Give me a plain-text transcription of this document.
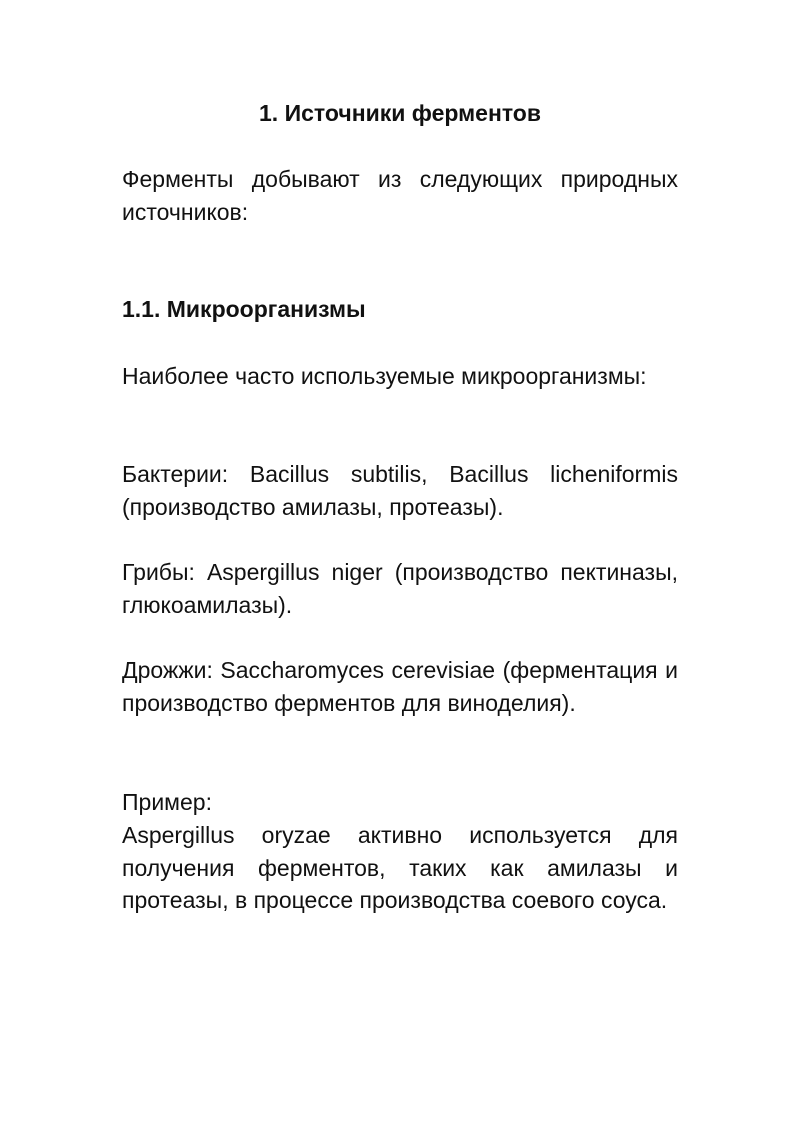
1. Источники ферментов

Ферменты добывают из следующих природных источников:

1.1. Микроорганизмы

Наиболее часто используемые микроорганизмы:

Бактерии: Bacillus subtilis, Bacillus licheniformis (производство амилазы, протеазы).

Грибы: Aspergillus niger (производство пектиназы, глюкоамилазы).

Дрожжи: Saccharomyces cerevisiae (ферментация и производство ферментов для виноделия).

Пример:

Aspergillus oryzae активно используется для получения ферментов, таких как амилазы и протеазы, в процессе производства соевого соуса.
